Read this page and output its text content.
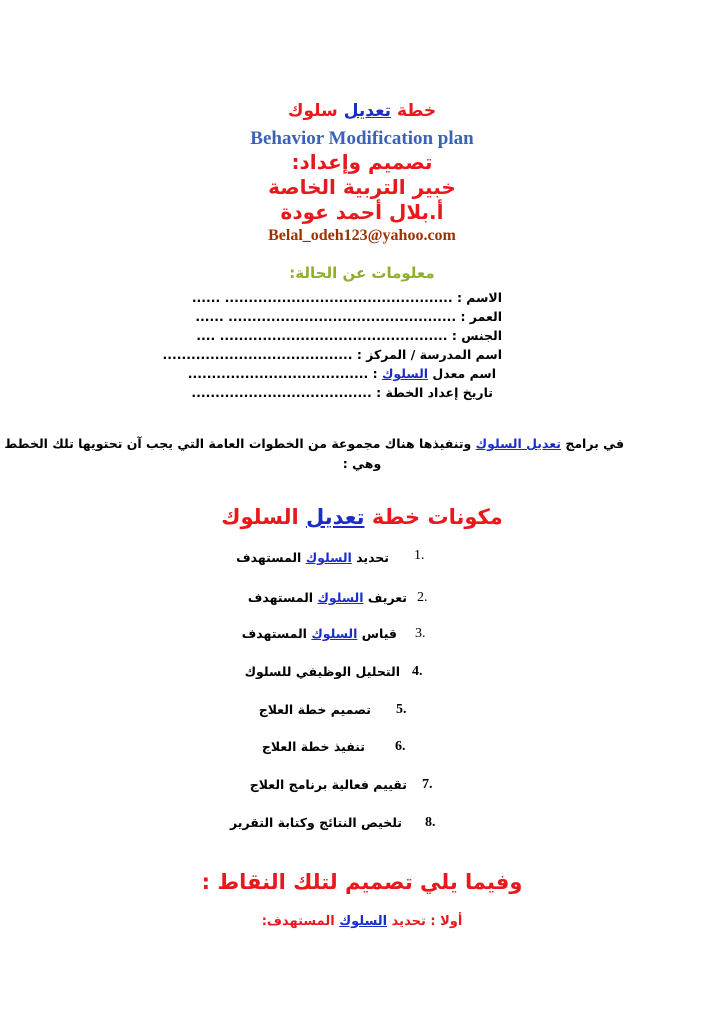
خطة تعديل سلوك
Behavior Modification plan
تصميم وإعداد:
خبير التربية الخاصة
أ.بلال أحمد عودة
Belal_odeh123@yahoo.com
معلومات عن الحالة:
الاسم : ................................................ ......
العمر : ................................................ ......
الجنس : ................................................ ....
اسم المدرسة / المركز : ........................................
اسم معدل السلوك : ......................................
تاريخ إعداد الخطة : ......................................
في برامج تعديل السلوك وتنفيذها هناك مجموعة من الخطوات العامة التي يجب آن تحتويها تلك الخطط
وهي :
مكونات خطة تعديل السلوك
1.
تحديد السلوك المستهدف
2.
تعريف السلوك المستهدف
3.
قياس السلوك المستهدف
4.
التحليل الوظيفي للسلوك
5.
تصميم خطة العلاج
6.
تنفيذ خطة العلاج
7.
تقييم فعالية برنامج العلاج
8.
تلخيص النتائج وكتابة التقرير
وفيما يلي تصميم لتلك النقاط :
أولا : تحديد السلوك المستهدف:
